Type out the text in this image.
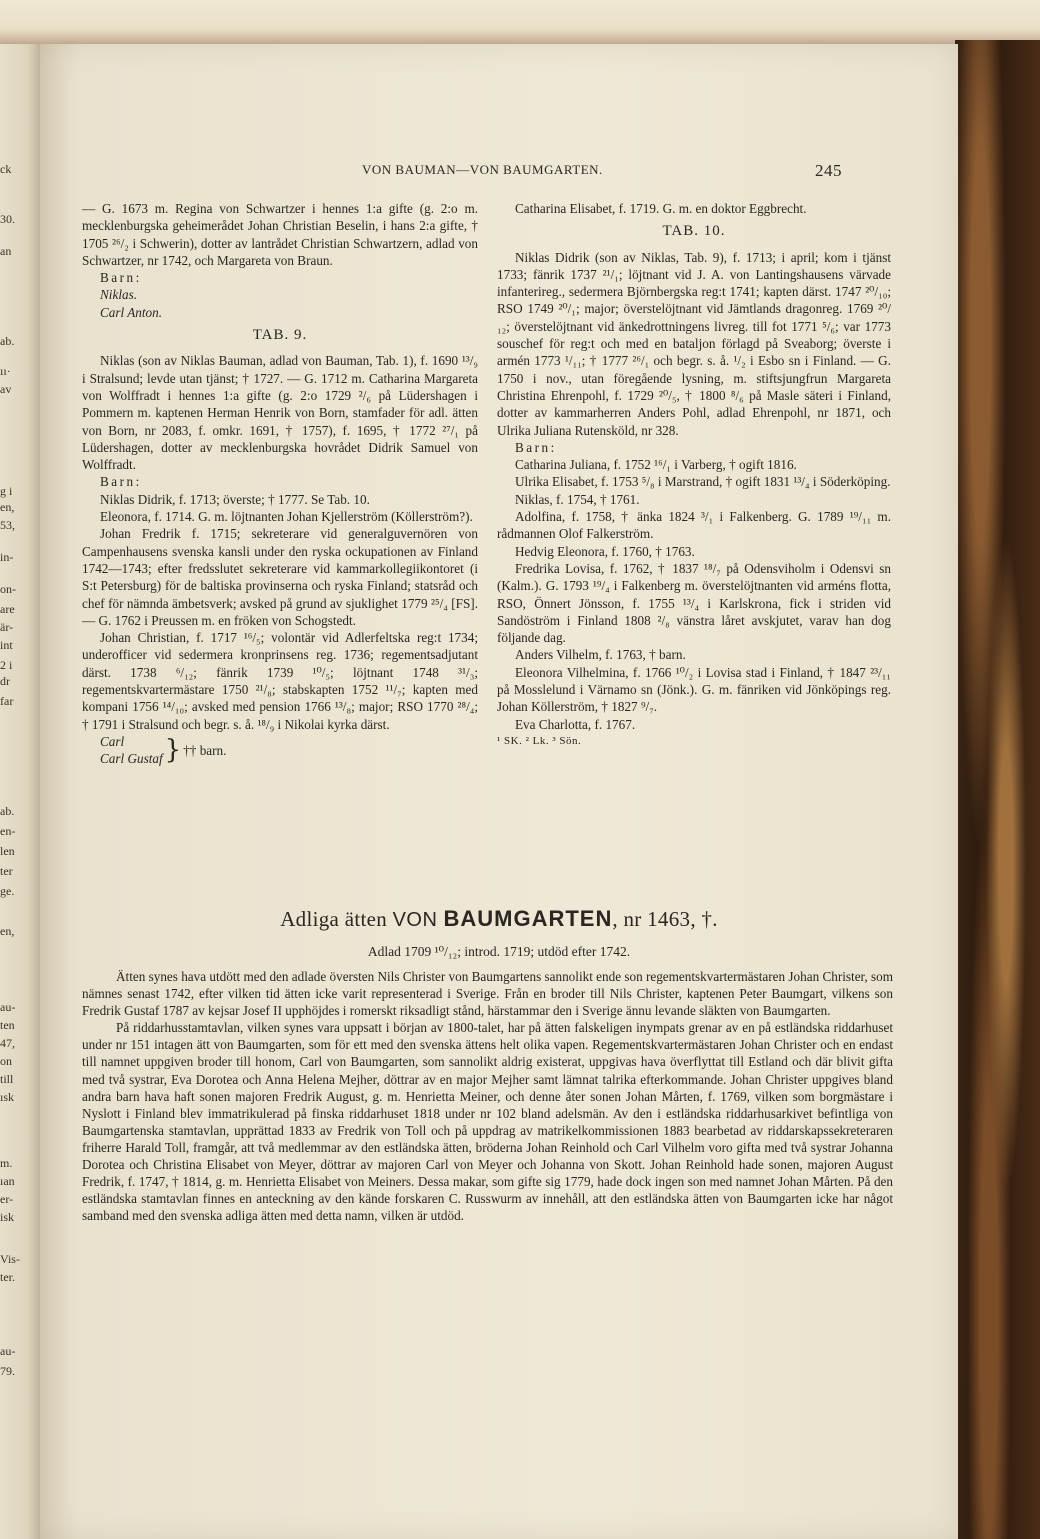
ck
30.
an
ab.
ıı·
av
g i
en,
53,
in-
on-
are
är-
int
2 i
dr
far
ab.
en-
len
ter
ge.
en,
au-
ten
47,
on
till
ısk
m.
ıan
er-
isk
Vis-
ter.
au-
79.
VON BAUMAN—VON BAUMGARTEN.	245

— G. 1673 m. Regina von Schwartzer i hennes 1:a gifte (g. 2:o m. mecklenburgska geheimerådet Johan Christian Beselin, i hans 2:a gifte, † 1705 ²⁶/₂ i Schwerin), dotter av lantrådet Christian Schwartzern, adlad von Schwartzer, nr 1742, och Margareta von Braun.

Barn:

Niklas.

Carl Anton.

TAB. 9.

Niklas (son av Niklas Bauman, adlad von Bauman, Tab. 1), f. 1690 ¹³/₉ i Stralsund; levde utan tjänst; † 1727. — G. 1712 m. Catharina Margareta von Wolffradt i hennes 1:a gifte (g. 2:o 1729 ²/₆ på Lüdershagen i Pommern m. kaptenen Herman Henrik von Born, stamfader för adl. ätten von Born, nr 2083, f. omkr. 1691, † 1757), f. 1695, † 1772 ²⁷/₁ på Lüdershagen, dotter av mecklenburgska hovrådet Didrik Samuel von Wolffradt.

Barn:

Niklas Didrik, f. 1713; överste; † 1777. Se Tab. 10.

Eleonora, f. 1714. G. m. löjtnanten Johan Kjellerström (Köllerström?).

Johan Fredrik f. 1715; sekreterare vid generalguvernören von Campenhausens svenska kansli under den ryska ockupationen av Finland 1742—1743; efter fredsslutet sekreterare vid kammarkollegiikontoret (i S:t Petersburg) för de baltiska provinserna och ryska Finland; statsråd och chef för nämnda ämbetsverk; avsked på grund av sjuklighet 1779 ²⁵/₄ [FS]. — G. 1762 i Preussen m. en fröken von Schogstedt.

Johan Christian, f. 1717 ¹⁶/₅; volontär vid Adlerfeltska reg:t 1734; underofficer vid sedermera kronprinsens reg. 1736; regementsadjutant därst. 1738 ⁶/₁₂; fänrik 1739 ¹⁰/₅; löjtnant 1748 ³¹/₃; regementskvartermästare 1750 ²¹/₈; stabskapten 1752 ¹¹/₇; kapten med kompani 1756 ¹⁴/₁₀; avsked med pension 1766 ¹³/₈; major; RSO 1770 ²⁸/₄; † 1791 i Stralsund och begr. s. å. ¹⁸/₉ i Nikolai kyrka därst.

Carl
Carl Gustaf} †† barn.

Catharina Elisabet, f. 1719. G. m. en doktor Eggbrecht.

TAB. 10.

Niklas Didrik (son av Niklas, Tab. 9), f. 1713; i april; kom i tjänst 1733; fänrik 1737 ²¹/₁; löjtnant vid J. A. von Lantingshausens värvade infanterireg., sedermera Björnbergska reg:t 1741; kapten därst. 1747 ²⁰/₁₀; RSO 1749 ²⁰/₁; major; överstelöjtnant vid Jämtlands dragonreg. 1769 ²⁰/₁₂; överstelöjtnant vid änkedrottningens livreg. till fot 1771 ⁵/₆; var 1773 souschef för reg:t och med en bataljon förlagd på Sveaborg; överste i armén 1773 ¹/₁₁; † 1777 ²⁶/₁ och begr. s. å. ¹/₂ i Esbo sn i Finland. — G. 1750 i nov., utan föregående lysning, m. stiftsjungfrun Margareta Christina Ehrenpohl, f. 1729 ²⁰/₅, † 1800 ⁸/₆ på Masle säteri i Finland, dotter av kammarherren Anders Pohl, adlad Ehrenpohl, nr 1871, och Ulrika Juliana Rutensköld, nr 328.

Barn:

Catharina Juliana, f. 1752 ¹⁶/₁ i Varberg, † ogift 1816.

Ulrika Elisabet, f. 1753 ⁵/₈ i Marstrand, † ogift 1831 ¹³/₄ i Söderköping.

Niklas, f. 1754, † 1761.

Adolfina, f. 1758, † änka 1824 ³/₁ i Falkenberg. G. 1789 ¹⁹/₁₁ m. rådmannen Olof Falkerström.

Hedvig Eleonora, f. 1760, † 1763.

Fredrika Lovisa, f. 1762, † 1837 ¹⁸/₇ på Odensviholm i Odensvi sn (Kalm.). G. 1793 ¹⁹/₄ i Falkenberg m. överstelöjtnanten vid arméns flotta, RSO, Önnert Jönsson, f. 1755 ¹³/₄ i Karlskrona, fick i striden vid Sandöström i Finland 1808 ²/₈ vänstra låret avskjutet, varav han dog följande dag.

Anders Vilhelm, f. 1763, † barn.

Eleonora Vilhelmina, f. 1766 ¹⁰/₂ i Lovisa stad i Finland, † 1847 ²³/₁₁ på Mosslelund i Värnamo sn (Jönk.). G. m. fänriken vid Jönköpings reg. Johan Köllerström, † 1827 ⁹/₇.

Eva Charlotta, f. 1767.

¹ SK. ² Lk. ³ Sön.

Adliga ätten VON BAUMGARTEN, nr 1463, †.
Adlad 1709 ¹⁰/₁₂; introd. 1719; utdöd efter 1742.

Ätten synes hava utdött med den adlade översten Nils Christer von Baumgartens sannolikt ende son regementskvartermästaren Johan Christer, som nämnes senast 1742, efter vilken tid ätten icke varit representerad i Sverige. Från en broder till Nils Christer, kaptenen Peter Baumgart, vilkens son Fredrik Gustaf 1787 av kejsar Josef II upphöjdes i romerskt riksadligt stånd, härstammar den i Sverige ännu levande släkten von Baumgarten.

På riddarhusstamtavlan, vilken synes vara uppsatt i början av 1800-talet, har på ätten falskeligen inympats grenar av en på estländska riddarhuset under nr 151 intagen ätt von Baumgarten, som för ett med den svenska ättens helt olika vapen. Regementskvartermästaren Johan Christer och en endast till namnet uppgiven broder till honom, Carl von Baumgarten, som sannolikt aldrig existerat, uppgivas hava överflyttat till Estland och där blivit gifta med två systrar, Eva Dorotea och Anna Helena Mejher, döttrar av en major Mejher samt lämnat talrika efterkommande. Johan Christer uppgives bland andra barn hava haft sonen majoren Fredrik August, g. m. Henrietta Meiner, och denne åter sonen Johan Mårten, f. 1769, vilken som borgmästare i Nyslott i Finland blev immatrikulerad på finska riddarhuset 1818 under nr 102 bland adelsmän. Av den i estländska riddarhusarkivet befintliga von Baumgartenska stamtavlan, upprättad 1833 av Fredrik von Toll och på uppdrag av matrikelkommissionen 1883 bearbetad av riddarskapssekreteraren friherre Harald Toll, framgår, att två medlemmar av den estländska ätten, bröderna Johan Reinhold och Carl Vilhelm voro gifta med två systrar Johanna Dorotea och Christina Elisabet von Meyer, döttrar av majoren Carl von Meyer och Johanna von Skott. Johan Reinhold hade sonen, majoren August Fredrik, f. 1747, † 1814, g. m. Henrietta Elisabet von Meiners. Dessa makar, som gifte sig 1779, hade dock ingen son med namnet Johan Mårten. På den estländska stamtavlan finnes en anteckning av den kände forskaren C. Russwurm av innehåll, att den estländska ätten von Baumgarten icke har något samband med den svenska adliga ätten med detta namn, vilken är utdöd.
